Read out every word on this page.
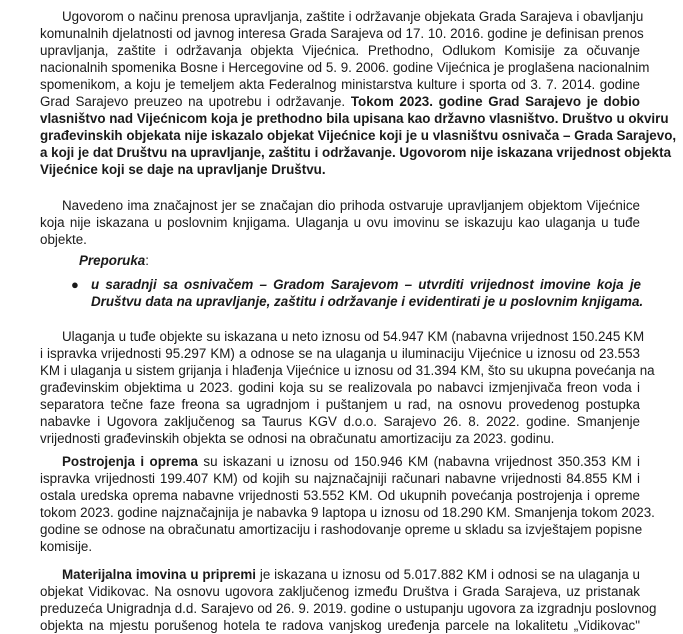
Ugovorom o načinu prenosa upravljanja, zaštite i održavanje objekata Grada Sarajeva i obavljanju
komunalnih djelatnosti od javnog interesa Grada Sarajeva od 17. 10. 2016. godine je definisan prenos
upravljanja, zaštite i održavanja objekta Vijećnica. Prethodno, Odlukom Komisije za očuvanje
nacionalnih spomenika Bosne i Hercegovine od 5. 9. 2006. godine Vijećnica je proglašena nacionalnim
spomenikom, a koju je temeljem akta Federalnog ministarstva kulture i sporta od 3. 7. 2014. godine
Grad Sarajevo preuzeo na upotrebu i održavanje. Tokom 2023. godine Grad Sarajevo je dobio
vlasništvo nad Vijećnicom koja je prethodno bila upisana kao državno vlasništvo. Društvo u okviru
građevinskih objekata nije iskazalo objekat Vijećnice koji je u vlasništvu osnivača – Grada Sarajevo,
a koji je dat Društvu na upravljanje, zaštitu i održavanje. Ugovorom nije iskazana vrijednost objekta
Vijećnice koji se daje na upravljanje Društvu.
Navedeno ima značajnost jer se značajan dio prihoda ostvaruje upravljanjem objektom Vijećnice
koja nije iskazana u poslovnim knjigama. Ulaganja u ovu imovinu se iskazuju kao ulaganja u tuđe
objekte.
Preporuka:
● u saradnji sa osnivačem – Gradom Sarajevom – utvrditi vrijednost imovine koja je
Društvu data na upravljanje, zaštitu i održavanje i evidentirati je u poslovnim knjigama.
Ulaganja u tuđe objekte su iskazana u neto iznosu od 54.947 KM (nabavna vrijednost 150.245 KM
i ispravka vrijednosti 95.297 KM) a odnose se na ulaganja u iluminaciju Vijećnice u iznosu od 23.553
KM i ulaganja u sistem grijanja i hlađenja Vijećnice u iznosu od 31.394 KM, što su ukupna povećanja na
građevinskim objektima u 2023. godini koja su se realizovala po nabavci izmjenjivača freon voda i
separatora tečne faze freona sa ugradnjom i puštanjem u rad, na osnovu provedenog postupka
nabavke i Ugovora zaključenog sa Taurus KGV d.o.o. Sarajevo 26. 8. 2022. godine. Smanjenje
vrijednosti građevinskih objekta se odnosi na obračunatu amortizaciju za 2023. godinu.
Postrojenja i oprema su iskazani u iznosu od 150.946 KM (nabavna vrijednost 350.353 KM i
ispravka vrijednosti 199.407 KM) od kojih su najznačajniji računari nabavne vrijednosti 84.855 KM i
ostala uredska oprema nabavne vrijednosti 53.552 KM. Od ukupnih povećanja postrojenja i opreme
tokom 2023. godine najznačajnija je nabavka 9 laptopa u iznosu od 18.290 KM. Smanjenja tokom 2023.
godine se odnose na obračunatu amortizaciju i rashodovanje opreme u skladu sa izvještajem popisne
komisije.
Materijalna imovina u pripremi je iskazana u iznosu od 5.017.882 KM i odnosi se na ulaganja u
objekat Vidikovac. Na osnovu ugovora zaključenog između Društva i Grada Sarajeva, uz pristanak
preduzeća Unigradnja d.d. Sarajevo od 26. 9. 2019. godine o ustupanju ugovora za izgradnju poslovnog
objekta na mjestu porušenog hotela te radova vanjskog uređenja parcele na lokalitetu „Vidikovac"
